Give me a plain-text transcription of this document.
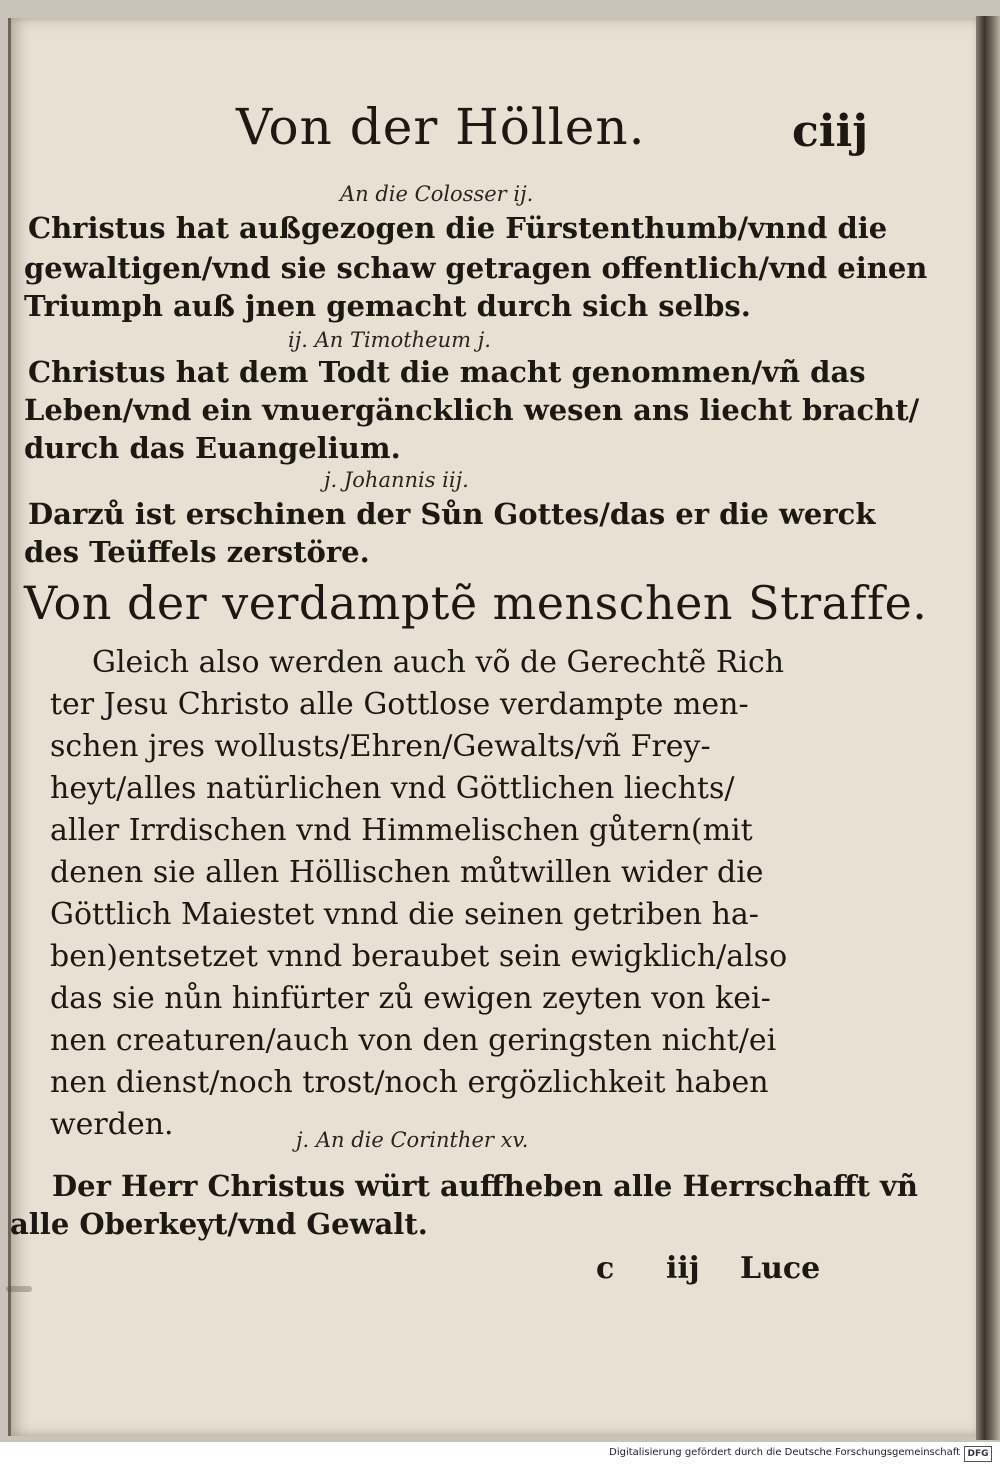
Von der Höllen.	ciij
An die Colosser ij.
Christus hat außgezogen die Fürstenthumb/vnnd die
gewaltigen/vnd sie schaw getragen offentlich/vnd einen
Triumph auß jnen gemacht durch sich selbs.
ij. An Timotheum j.
Christus hat dem Todt die macht genommen/vñ das
Leben/vnd ein vnuergäncklich wesen ans liecht bracht/
durch das Euangelium.
j. Johannis iij.
Darzů ist erschinen der Sůn Gottes/das er die werck
des Teüffels zerstöre.
Von der verdamptẽ menschen Straffe.
Gleich also werden auch võ de Gerechtẽ Rich
ter Jesu Christo alle Gottlose verdampte men-
schen jres wollusts/Ehren/Gewalts/vñ Frey-
heyt/alles natürlichen vnd Göttlichen liechts/
aller Irrdischen vnd Himmelischen gůtern(mit
denen sie allen Höllischen můtwillen wider die
Göttlich Maiestet vnnd die seinen getriben ha-
ben)entsetzet vnnd beraubet sein ewigklich/also
das sie nůn hinfürter zů ewigen zeyten von kei-
nen creaturen/auch von den geringsten nicht/ei
nen dienst/noch trost/noch ergözlichkeit haben
werden.	j. An die Corinther xv.
Der Herr Christus würt auffheben alle Herrschafft vñ
alle Oberkeyt/vnd Gewalt.
c iij Luce
Digitalisierung gefördert durch die Deutsche Forschungsgemeinschaft DFG
